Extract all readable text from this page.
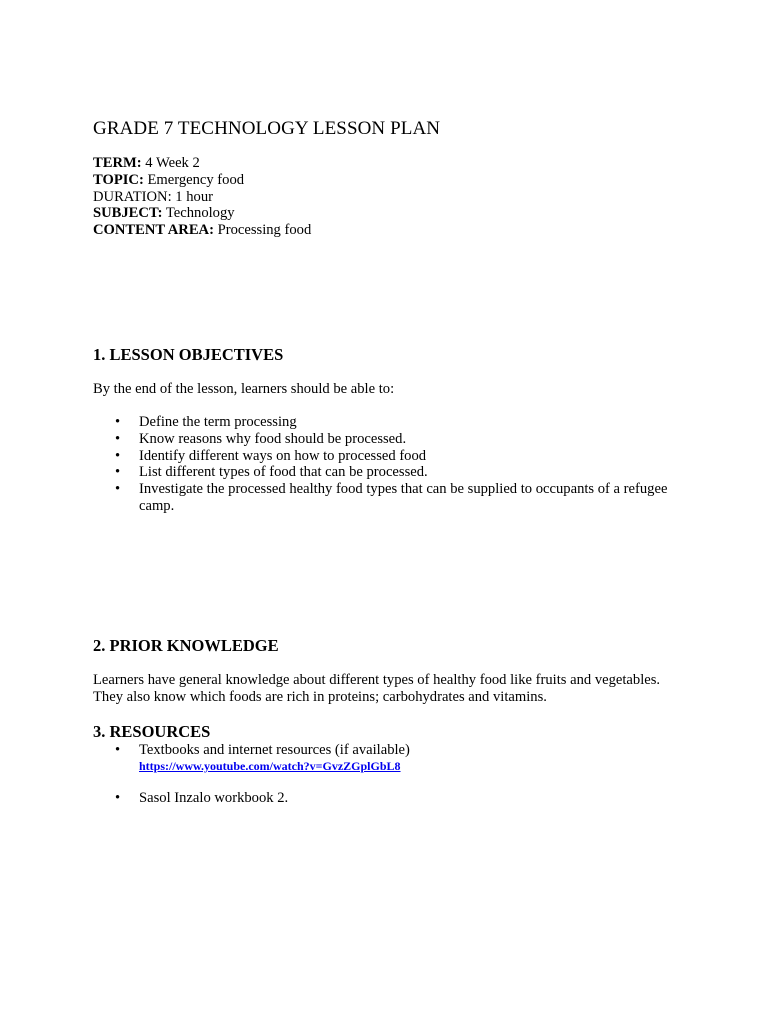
GRADE 7 TECHNOLOGY LESSON PLAN
TERM: 4 Week 2
TOPIC: Emergency food
DURATION: 1 hour
SUBJECT: Technology
CONTENT AREA: Processing food
1. LESSON OBJECTIVES

By the end of the lesson, learners should be able to:

• Define the term processing
• Know reasons why food should be processed.
• Identify different ways on how to processed food
• List different types of food that can be processed.
• Investigate the processed healthy food types that can be supplied to occupants of a refugee camp.
2. PRIOR KNOWLEDGE

Learners have general knowledge about different types of healthy food like fruits and vegetables. They also know which foods are rich in proteins; carbohydrates and vitamins.

3. RESOURCES
• Textbooks and internet resources (if available)
https://www.youtube.com/watch?v=GvzZGplGbL8
• Sasol Inzalo workbook 2.
